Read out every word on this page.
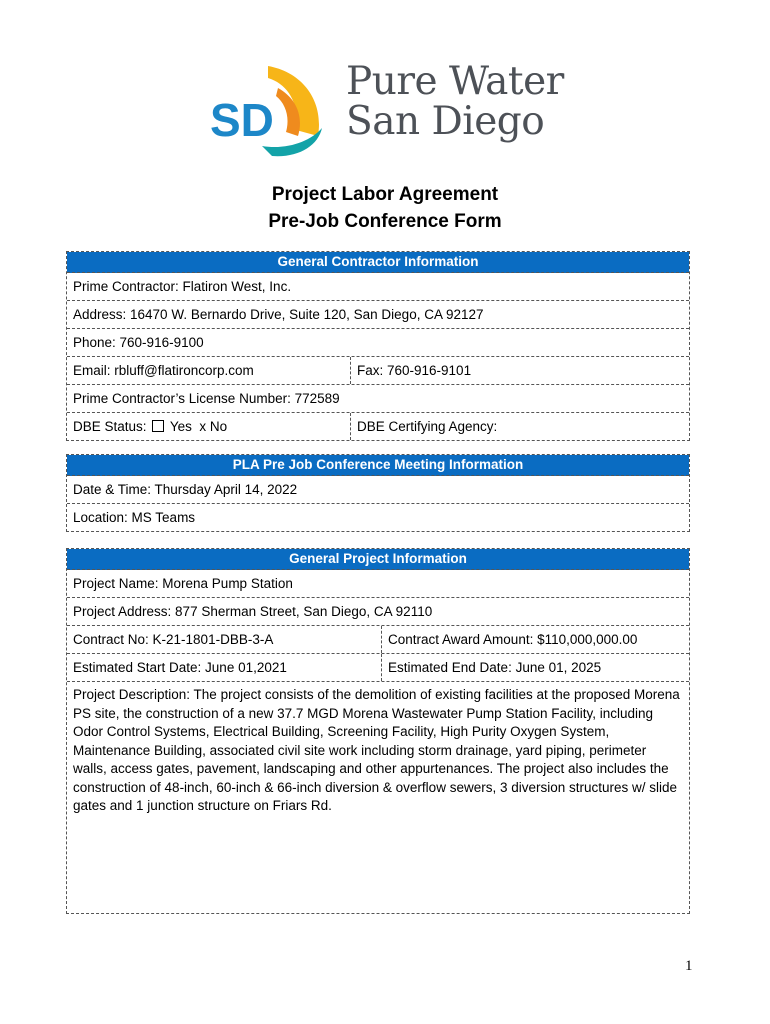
SD
Pure Water
San Diego
Project Labor Agreement
Pre-Job Conference Form
General Contractor Information
Prime Contractor: Flatiron West, Inc.
Address: 16470 W. Bernardo Drive, Suite 120, San Diego, CA 92127
Phone: 760-916-9100
Email: rbluff@flatironcorp.com	Fax: 760-916-9101
Prime Contractor’s License Number: 772589
DBE Status: Yes x No	DBE Certifying Agency:
PLA Pre Job Conference Meeting Information
Date & Time: Thursday April 14, 2022
Location: MS Teams
General Project Information
Project Name: Morena Pump Station
Project Address: 877 Sherman Street, San Diego, CA 92110
Contract No: K-21-1801-DBB-3-A	Contract Award Amount: $110,000,000.00
Estimated Start Date: June 01,2021	Estimated End Date: June 01, 2025
Project Description: The project consists of the demolition of existing facilities at the proposed Morena PS site, the construction of a new 37.7 MGD Morena Wastewater Pump Station Facility, including Odor Control Systems, Electrical Building, Screening Facility, High Purity Oxygen System, Maintenance Building, associated civil site work including storm drainage, yard piping, perimeter walls, access gates, pavement, landscaping and other appurtenances. The project also includes the construction of 48-inch, 60-inch & 66-inch diversion & overflow sewers, 3 diversion structures w/ slide gates and 1 junction structure on Friars Rd.
1
